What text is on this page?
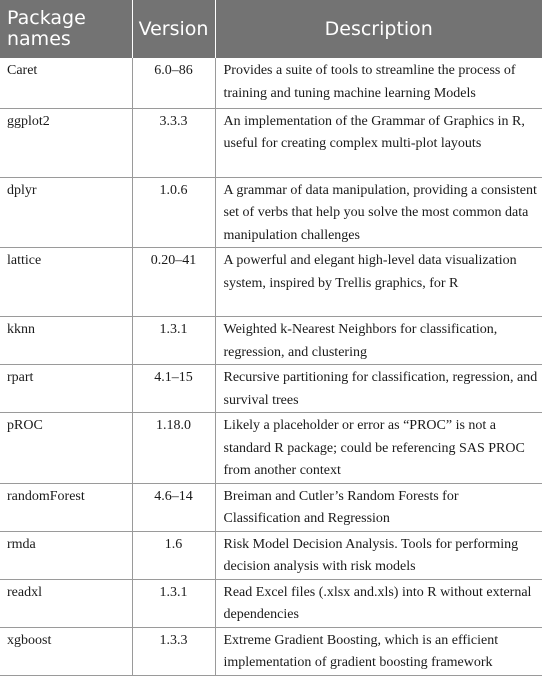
Package names	Version	Description
Caret	6.0–86	Provides a suite of tools to streamline the process of training and tuning machine learning Models
ggplot2	3.3.3	An implementation of the Grammar of Graphics in R, useful for creating complex multi-plot layouts
dplyr	1.0.6	A grammar of data manipulation, providing a consistent set of verbs that help you solve the most common data manipulation challenges
lattice	0.20–41	A powerful and elegant high-level data visualization system, inspired by Trellis graphics, for R
kknn	1.3.1	Weighted k-Nearest Neighbors for classification, regression, and clustering
rpart	4.1–15	Recursive partitioning for classification, regression, and survival trees
pROC	1.18.0	Likely a placeholder or error as “PROC” is not a standard R package; could be referencing SAS PROC from another context
randomForest	4.6–14	Breiman and Cutler’s Random Forests for Classification and Regression
rmda	1.6	Risk Model Decision Analysis. Tools for performing decision analysis with risk models
readxl	1.3.1	Read Excel files (.xlsx and.xls) into R without external dependencies
xgboost	1.3.3	Extreme Gradient Boosting, which is an efficient implementation of gradient boosting framework
